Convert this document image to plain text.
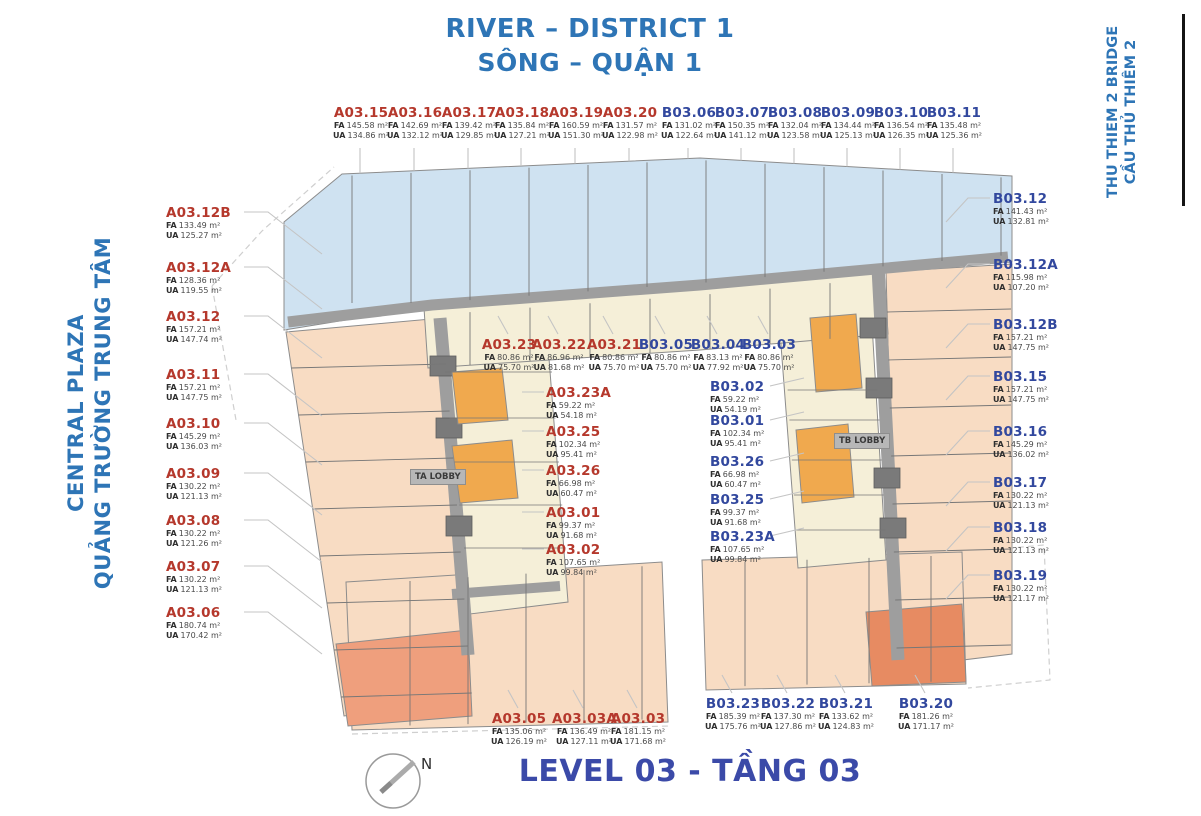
A03.15
FA 145.58 m²
UA 134.86 m²
A03.16
FA 142.69 m²
UA 132.12 m²
A03.17
FA 139.42 m²
UA 129.85 m²
A03.18
FA 135.84 m²
UA 127.21 m²
A03.19
FA 160.59 m²
UA 151.30 m²
A03.20
FA 131.57 m²
UA 122.98 m²
B03.06
FA 131.02 m²
UA 122.64 m²
B03.07
FA 150.35 m²
UA 141.12 m²
B03.08
FA 132.04 m²
UA 123.58 m²
B03.09
FA 134.44 m²
UA 125.13 m²
B03.10
FA 136.54 m²
UA 126.35 m²
B03.11
FA 135.48 m²
UA 125.36 m²
A03.12B
FA 133.49 m²
UA 125.27 m²
A03.12A
FA 128.36 m²
UA 119.55 m²
A03.12
FA 157.21 m²
UA 147.74 m²
A03.11
FA 157.21 m²
UA 147.75 m²
A03.10
FA 145.29 m²
UA 136.03 m²
A03.09
FA 130.22 m²
UA 121.13 m²
A03.08
FA 130.22 m²
UA 121.26 m²
A03.07
FA 130.22 m²
UA 121.13 m²
A03.06
FA 180.74 m²
UA 170.42 m²
B03.12
FA 141.43 m²
UA 132.81 m²
B03.12A
FA 115.98 m²
UA 107.20 m²
B03.12B
FA 157.21 m²
UA 147.75 m²
B03.15
FA 157.21 m²
UA 147.75 m²
B03.16
FA 145.29 m²
UA 136.02 m²
B03.17
FA 130.22 m²
UA 121.13 m²
B03.18
FA 130.22 m²
UA 121.13 m²
B03.19
FA 130.22 m²
UA 121.17 m²
A03.23
FA 80.86 m²
UA 75.70 m²
A03.22
FA 86.96 m²
UA 81.68 m²
A03.21
FA 80.86 m²
UA 75.70 m²
B03.05
FA 80.86 m²
UA 75.70 m²
B03.04
FA 83.13 m²
UA 77.92 m²
B03.03
FA 80.86 m²
UA 75.70 m²
A03.23A
FA 59.22 m²
UA 54.18 m²
A03.25
FA 102.34 m²
UA 95.41 m²
A03.26
FA 66.98 m²
UA 60.47 m²
A03.01
FA 99.37 m²
UA 91.68 m²
A03.02
FA 107.65 m²
UA 99.84 m²
B03.02
FA 59.22 m²
UA 54.19 m²
B03.01
FA 102.34 m²
UA 95.41 m²
B03.26
FA 66.98 m²
UA 60.47 m²
B03.25
FA 99.37 m²
UA 91.68 m²
B03.23A
FA 107.65 m²
UA 99.84 m²
A03.05
FA 135.06 m²
UA 126.19 m²
A03.03A
FA 136.49 m²
UA 127.11 m²
A03.03
FA 181.15 m²
UA 171.68 m²
B03.23
FA 185.39 m²
UA 175.76 m²
B03.22
FA 137.30 m²
UA 127.86 m²
B03.21
FA 133.62 m²
UA 124.83 m²
B03.20
FA 181.26 m²
UA 171.17 m²
RIVER – DISTRICT 1
SÔNG – QUẬN 1
LEVEL 03 - TẦNG 03
CENTRAL PLAZA QUẢNG TRƯỜNG TRUNG TÂM
THU THIEM 2 BRIDGE CẦU THỦ THIÊM 2
TA LOBBY
TB LOBBY
N
